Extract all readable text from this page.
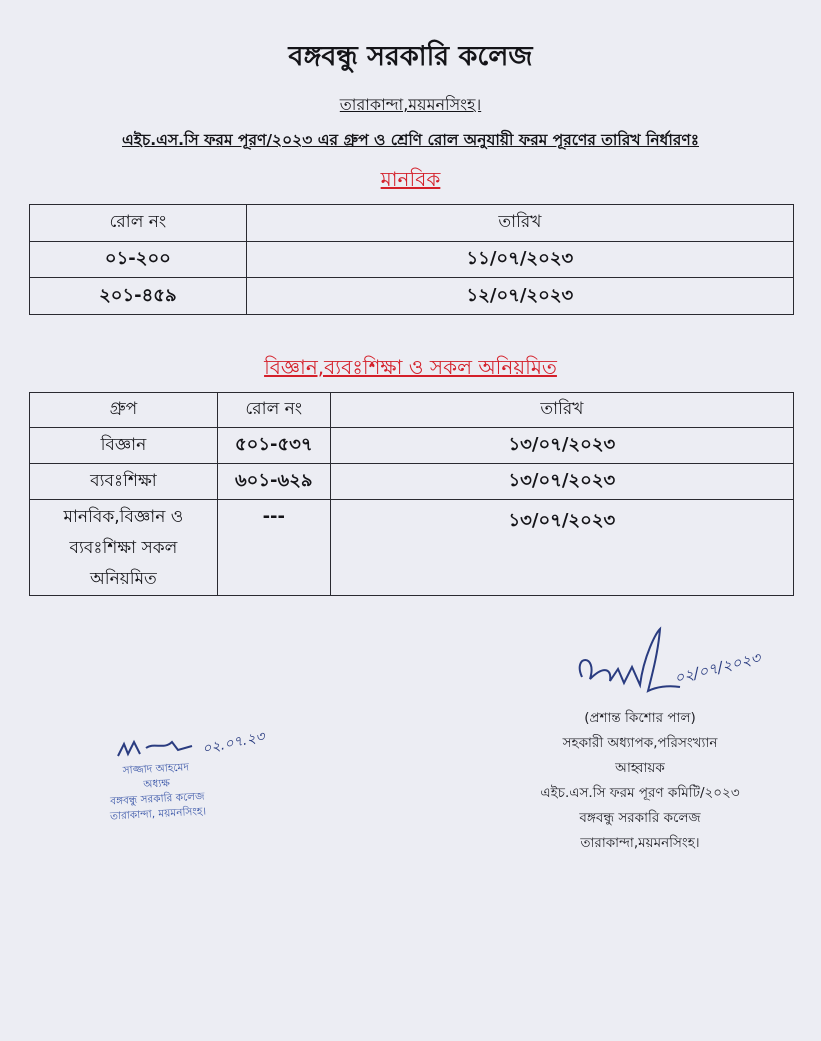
বঙ্গবন্ধু সরকারি কলেজ
তারাকান্দা,ময়মনসিংহ।
এইচ.এস.সি ফরম পূরণ/২০২৩ এর গ্রুপ ও শ্রেণি রোল অনুযায়ী ফরম পূরণের তারিখ নির্ধারণঃ
মানবিক
রোল নং	তারিখ
০১-২০০	১১/০৭/২০২৩
২০১-৪৫৯	১২/০৭/২০২৩
বিজ্ঞান,ব্যবঃশিক্ষা ও সকল অনিয়মিত
গ্রুপ	রোল নং	তারিখ
বিজ্ঞান	৫০১-৫৩৭	১৩/০৭/২০২৩
ব্যবঃশিক্ষা	৬০১-৬২৯	১৩/০৭/২০২৩

মানবিক,বিজ্ঞান ও
ব্যবঃশিক্ষা সকল
অনিয়মিত	---	১৩/০৭/২০২৩
০২/০৭/২০২৩
(প্রশান্ত কিশোর পাল)
সহকারী অধ্যাপক,পরিসংখ্যান
আহ্বায়ক
এইচ.এস.সি ফরম পূরণ কমিটি/২০২৩
বঙ্গবন্ধু সরকারি কলেজ
তারাকান্দা,ময়মনসিংহ।
০২.০৭.২৩
সাজ্জাদ আহমেদ
অধ্যক্ষ
বঙ্গবন্ধু সরকারি কলেজ
তারাকান্দা, ময়মনসিংহ।
